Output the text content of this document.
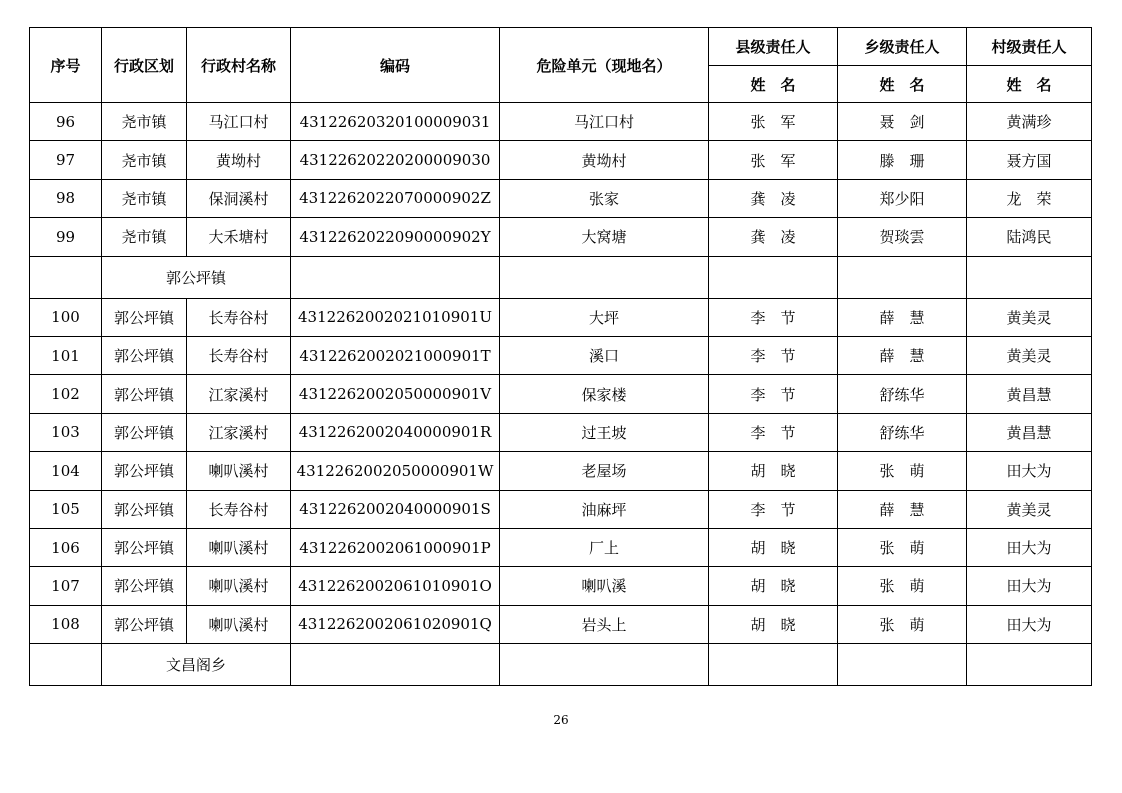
序号	行政区划	行政村名称	编码	危险单元（现地名）	县级责任人	乡级责任人	村级责任人
					姓　名	姓　名	姓　名
96	尧市镇	马江口村	431226203201000090​31	马江口村	张　军	聂　剑	黄满珍
97	尧市镇	黄坳村	4312262022020000903​0	黄坳村	张　军	滕　珊	聂方国
98	尧市镇	保洞溪村	431226202207000090​2Z	张家	龚　凌	郑少阳	龙　荣
99	尧市镇	大禾塘村	431226202209000090​2Y	大窝塘	龚　凌	贺琰雲	陆鸿民
	郭公坪镇						
100	郭公坪镇	长寿谷村	431226200202101090​1U	大坪	李　节	薛　慧	黄美灵
101	郭公坪镇	长寿谷村	431226200202100090​1T	溪口	李　节	薛　慧	黄美灵
102	郭公坪镇	江家溪村	431226200205000090​1V	保家楼	李　节	舒练华	黄昌慧
103	郭公坪镇	江家溪村	431226200204000090​1R	过王坡	李　节	舒练华	黄昌慧
104	郭公坪镇	喇叭溪村	431226200205000090​1W	老屋场	胡　晓	张　萌	田大为
105	郭公坪镇	长寿谷村	431226200204000090​1S	油麻坪	李　节	薛　慧	黄美灵
106	郭公坪镇	喇叭溪村	431226200206100090​1P	厂上	胡　晓	张　萌	田大为
107	郭公坪镇	喇叭溪村	431226200206101090​1O	喇叭溪	胡　晓	张　萌	田大为
108	郭公坪镇	喇叭溪村	431226200206102090​1Q	岩头上	胡　晓	张　萌	田大为
	文昌阁乡						
26
